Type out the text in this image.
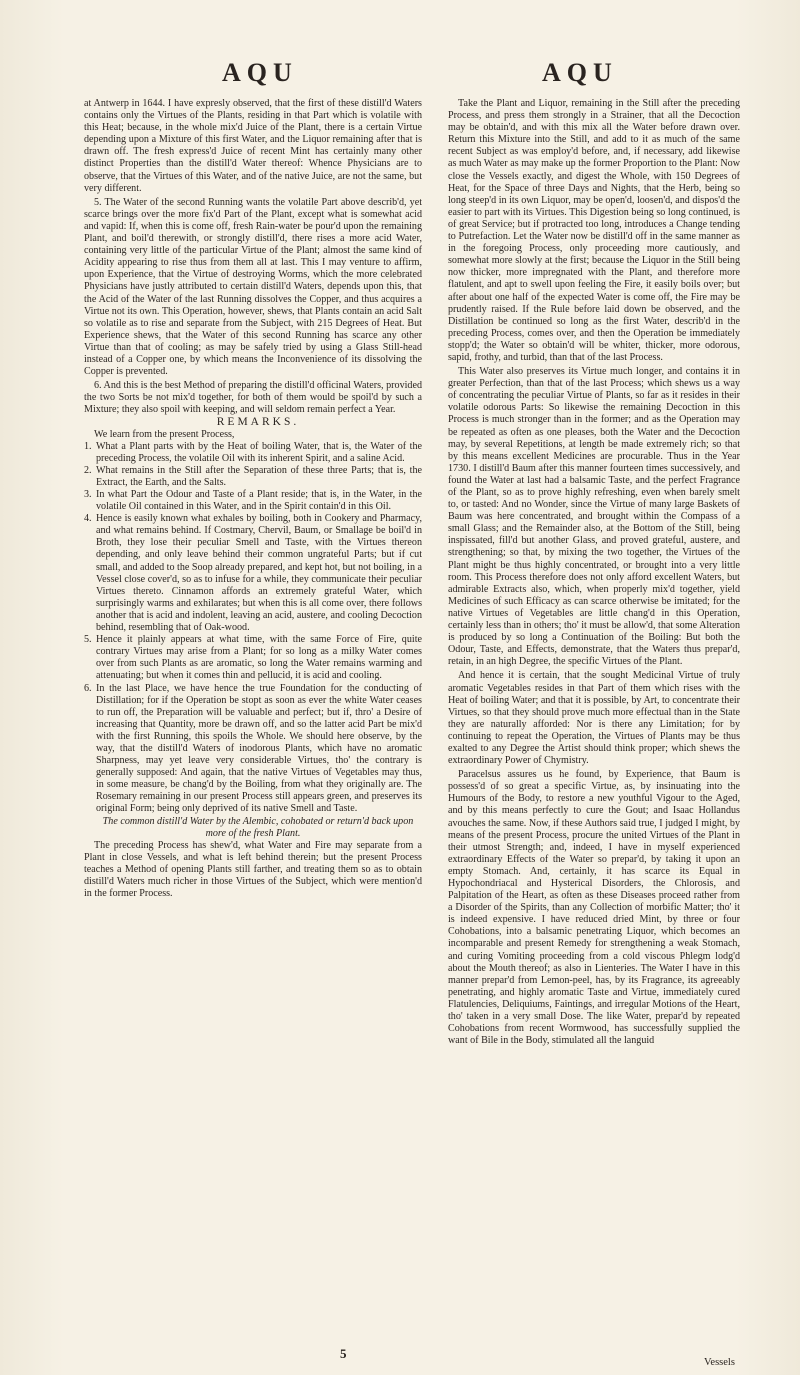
AQU	AQU

at Antwerp in 1644. I have expresly observed, that the first of these distill'd Waters contains only the Virtues of the Plants, residing in that Part which is volatile with this Heat; because, in the whole mix'd Juice of the Plant, there is a certain Virtue depending upon a Mixture of this first Water, and the Liquor remaining after that is drawn off. The fresh express'd Juice of recent Mint has certainly many other distinct Properties than the distill'd Water thereof: Whence Physicians are to observe, that the Virtues of this Water, and of the native Juice, are not the same, but very different.

5. The Water of the second Running wants the volatile Part above describ'd, yet scarce brings over the more fix'd Part of the Plant, except what is somewhat acid and vapid: If, when this is come off, fresh Rain-water be pour'd upon the remaining Plant, and boil'd therewith, or strongly distill'd, there rises a more acid Water, containing very little of the particular Virtue of the Plant; almost the same kind of Acidity appearing to rise thus from them all at last. This I may venture to affirm, upon Experience, that the Virtue of destroying Worms, which the more celebrated Physicians have justly attributed to certain distill'd Waters, depends upon this, that the Acid of the Water of the last Running dissolves the Copper, and thus acquires a Virtue not its own. This Operation, however, shews, that Plants contain an acid Salt so volatile as to rise and separate from the Subject, with 215 Degrees of Heat. But Experience shews, that the Water of this second Running has scarce any other Virtue than that of cooling; as may be safely tried by using a Glass Still-head instead of a Copper one, by which means the Inconvenience of its dissolving the Copper is prevented.

6. And this is the best Method of preparing the distill'd officinal Waters, provided the two Sorts be not mix'd together, for both of them would be spoil'd by such a Mixture; they also spoil with keeping, and will seldom remain perfect a Year.

REMARKS.

We learn from the present Process,

1. What a Plant parts with by the Heat of boiling Water, that is, the Water of the preceding Process, the volatile Oil with its inherent Spirit, and a saline Acid.
2. What remains in the Still after the Separation of these three Parts; that is, the Extract, the Earth, and the Salts.
3. In what Part the Odour and Taste of a Plant reside; that is, in the Water, in the volatile Oil contained in this Water, and in the Spirit contain'd in this Oil.
4. Hence is easily known what exhales by boiling, both in Cookery and Pharmacy, and what remains behind. If Costmary, Chervil, Baum, or Smallage be boil'd in Broth, they lose their peculiar Smell and Taste, with the Virtues thereon depending, and only leave behind their common ungrateful Parts; but if cut small, and added to the Soop already prepared, and kept hot, but not boiling, in a Vessel close cover'd, so as to infuse for a while, they communicate their peculiar Virtues thereto. Cinnamon affords an extremely grateful Water, which surprisingly warms and exhilarates; but when this is all come over, there follows another that is acid and indolent, leaving an acid, austere, and cooling Decoction behind, resembling that of Oak-wood.
5. Hence it plainly appears at what time, with the same Force of Fire, quite contrary Virtues may arise from a Plant; for so long as a milky Water comes over from such Plants as are aromatic, so long the Water remains warming and attenuating; but when it comes thin and pellucid, it is acid and cooling.
6. In the last Place, we have hence the true Foundation for the conducting of Distillation; for if the Operation be stopt as soon as ever the white Water ceases to run off, the Preparation will be valuable and perfect; but if, thro' a Desire of increasing that Quantity, more be drawn off, and so the latter acid Part be mix'd with the first Running, this spoils the Whole. We should here observe, by the way, that the distill'd Waters of inodorous Plants, which have no aromatic Sharpness, may yet leave very considerable Virtues, tho' the contrary is generally supposed: And again, that the native Virtues of Vegetables may thus, in some measure, be chang'd by the Boiling, from what they originally are. The Rosemary remaining in our present Process still appears green, and preserves its original Form; being only deprived of its native Smell and Taste.

The common distill'd Water by the Alembic, cohobated or return'd back upon more of the fresh Plant.

The preceding Process has shew'd, what Water and Fire may separate from a Plant in close Vessels, and what is left behind therein; but the present Process teaches a Method of opening Plants still farther, and treating them so as to obtain distill'd Waters much richer in those Virtues of the Subject, which were mention'd in the former Process.

Take the Plant and Liquor, remaining in the Still after the preceding Process, and press them strongly in a Strainer, that all the Decoction may be obtain'd, and with this mix all the Water before drawn over. Return this Mixture into the Still, and add to it as much of the same recent Subject as was employ'd before, and, if necessary, add likewise as much Water as may make up the former Proportion to the Plant: Now close the Vessels exactly, and digest the Whole, with 150 Degrees of Heat, for the Space of three Days and Nights, that the Herb, being so long steep'd in its own Liquor, may be open'd, loosen'd, and dispos'd the easier to part with its Virtues. This Digestion being so long continued, is of great Service; but if protracted too long, introduces a Change tending to Putrefaction. Let the Water now be distill'd off in the same manner as in the foregoing Process, only proceeding more cautiously, and somewhat more slowly at the first; because the Liquor in the Still being now thicker, more impregnated with the Plant, and therefore more flatulent, and apt to swell upon feeling the Fire, it easily boils over; but after about one half of the expected Water is come off, the Fire may be prudently raised. If the Rule before laid down be observed, and the Distillation be continued so long as the first Water, describ'd in the preceding Process, comes over, and then the Operation be immediately stopp'd; the Water so obtain'd will be whiter, thicker, more odorous, sapid, frothy, and turbid, than that of the last Process.

This Water also preserves its Virtue much longer, and contains it in greater Perfection, than that of the last Process; which shews us a way of concentrating the peculiar Virtue of Plants, so far as it resides in their volatile odorous Parts: So likewise the remaining Decoction in this Process is much stronger than in the former; and as the Operation may be repeated as often as one pleases, both the Water and the Decoction may, by several Repetitions, at length be made extremely rich; so that by this means excellent Medicines are procurable. Thus in the Year 1730. I distill'd Baum after this manner fourteen times successively, and found the Water at last had a balsamic Taste, and the perfect Fragrance of the Plant, so as to prove highly refreshing, even when barely smelt to, or tasted: And no Wonder, since the Virtue of many large Baskets of Baum was here concentrated, and brought within the Compass of a small Glass; and the Remainder also, at the Bottom of the Still, being inspissated, fill'd but another Glass, and proved grateful, austere, and strengthening; so that, by mixing the two together, the Virtues of the Plant might be thus highly concentrated, or brought into a very little room. This Process therefore does not only afford excellent Waters, but admirable Extracts also, which, when properly mix'd together, yield Medicines of such Efficacy as can scarce otherwise be imitated; for the native Virtues of Vegetables are little chang'd in this Operation, certainly less than in others; tho' it must be allow'd, that some Alteration is produced by so long a Continuation of the Boiling: But both the Odour, Taste, and Effects, demonstrate, that the Waters thus prepar'd, retain, in an high Degree, the specific Virtues of the Plant.

And hence it is certain, that the sought Medicinal Virtue of truly aromatic Vegetables resides in that Part of them which rises with the Heat of boiling Water; and that it is possible, by Art, to concentrate their Virtues, so that they should prove much more effectual than in the State they are naturally afforded: Nor is there any Limitation; for by continuing to repeat the Operation, the Virtues of Plants may be thus exalted to any Degree the Artist should think proper; which shews the extraordinary Power of Chymistry.

Paracelsus assures us he found, by Experience, that Baum is possess'd of so great a specific Virtue, as, by insinuating into the Humours of the Body, to restore a new youthful Vigour to the Aged, and by this means perfectly to cure the Gout; and Isaac Hollandus avouches the same. Now, if these Authors said true, I judged I might, by means of the present Process, procure the united Virtues of the Plant in their utmost Strength; and, indeed, I have in myself experienced extraordinary Effects of the Water so prepar'd, by taking it upon an empty Stomach. And, certainly, it has scarce its Equal in Hypochondriacal and Hysterical Disorders, the Chlorosis, and Palpitation of the Heart, as often as these Diseases proceed rather from a Disorder of the Spirits, than any Collection of morbific Matter; tho' it is indeed expensive. I have reduced dried Mint, by three or four Cohobations, into a balsamic penetrating Liquor, which becomes an incomparable and present Remedy for strengthening a weak Stomach, and curing Vomiting proceeding from a cold viscous Phlegm lodg'd about the Mouth thereof; as also in Lienteries. The Water I have in this manner prepar'd from Lemon-peel, has, by its Fragrance, its agreeably penetrating, and highly aromatic Taste and Virtue, immediately cured Flatulencies, Deliquiums, Faintings, and irregular Motions of the Heart, tho' taken in a very small Dose. The like Water, prepar'd by repeated Cohobations from recent Wormwood, has successfully supplied the want of Bile in the Body, stimulated all the languid

5
Vessels
